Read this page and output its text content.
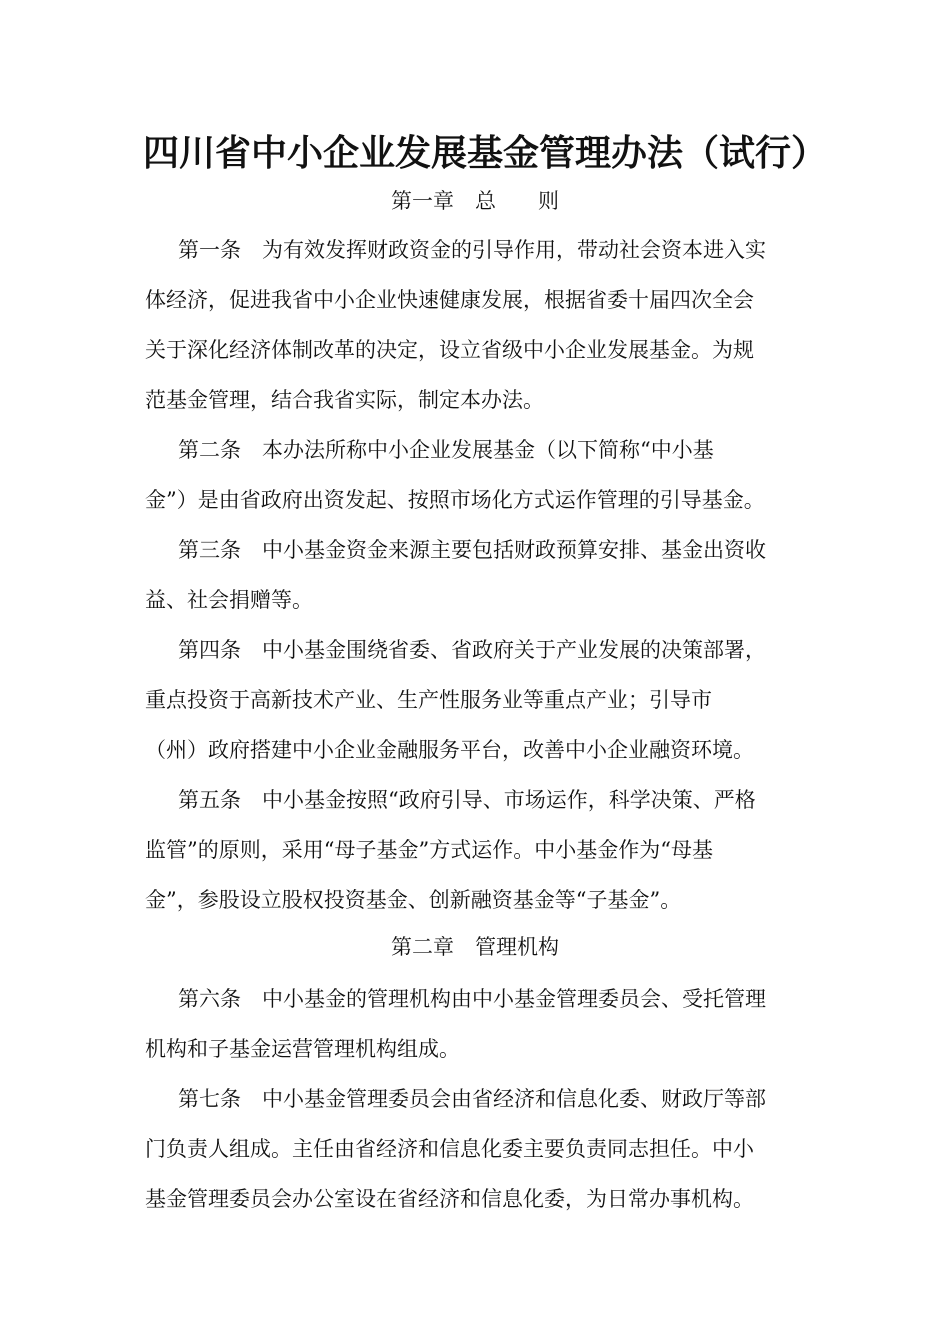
四川省中小企业发展基金管理办法（试行）
第一章　总　　则
第一条　为有效发挥财政资金的引导作用，带动社会资本进入实
体经济，促进我省中小企业快速健康发展，根据省委十届四次全会
关于深化经济体制改革的决定，设立省级中小企业发展基金。为规
范基金管理，结合我省实际，制定本办法。
第二条　本办法所称中小企业发展基金（以下简称“中小基
金”）是由省政府出资发起、按照市场化方式运作管理的引导基金。
第三条　中小基金资金来源主要包括财政预算安排、基金出资收
益、社会捐赠等。
第四条　中小基金围绕省委、省政府关于产业发展的决策部署，
重点投资于高新技术产业、生产性服务业等重点产业；引导市
（州）政府搭建中小企业金融服务平台，改善中小企业融资环境。
第五条　中小基金按照“政府引导、市场运作，科学决策、严格
监管”的原则，采用“母子基金”方式运作。中小基金作为“母基
金”，参股设立股权投资基金、创新融资基金等“子基金”。
第二章　管理机构
第六条　中小基金的管理机构由中小基金管理委员会、受托管理
机构和子基金运营管理机构组成。
第七条　中小基金管理委员会由省经济和信息化委、财政厅等部
门负责人组成。主任由省经济和信息化委主要负责同志担任。中小
基金管理委员会办公室设在省经济和信息化委，为日常办事机构。
